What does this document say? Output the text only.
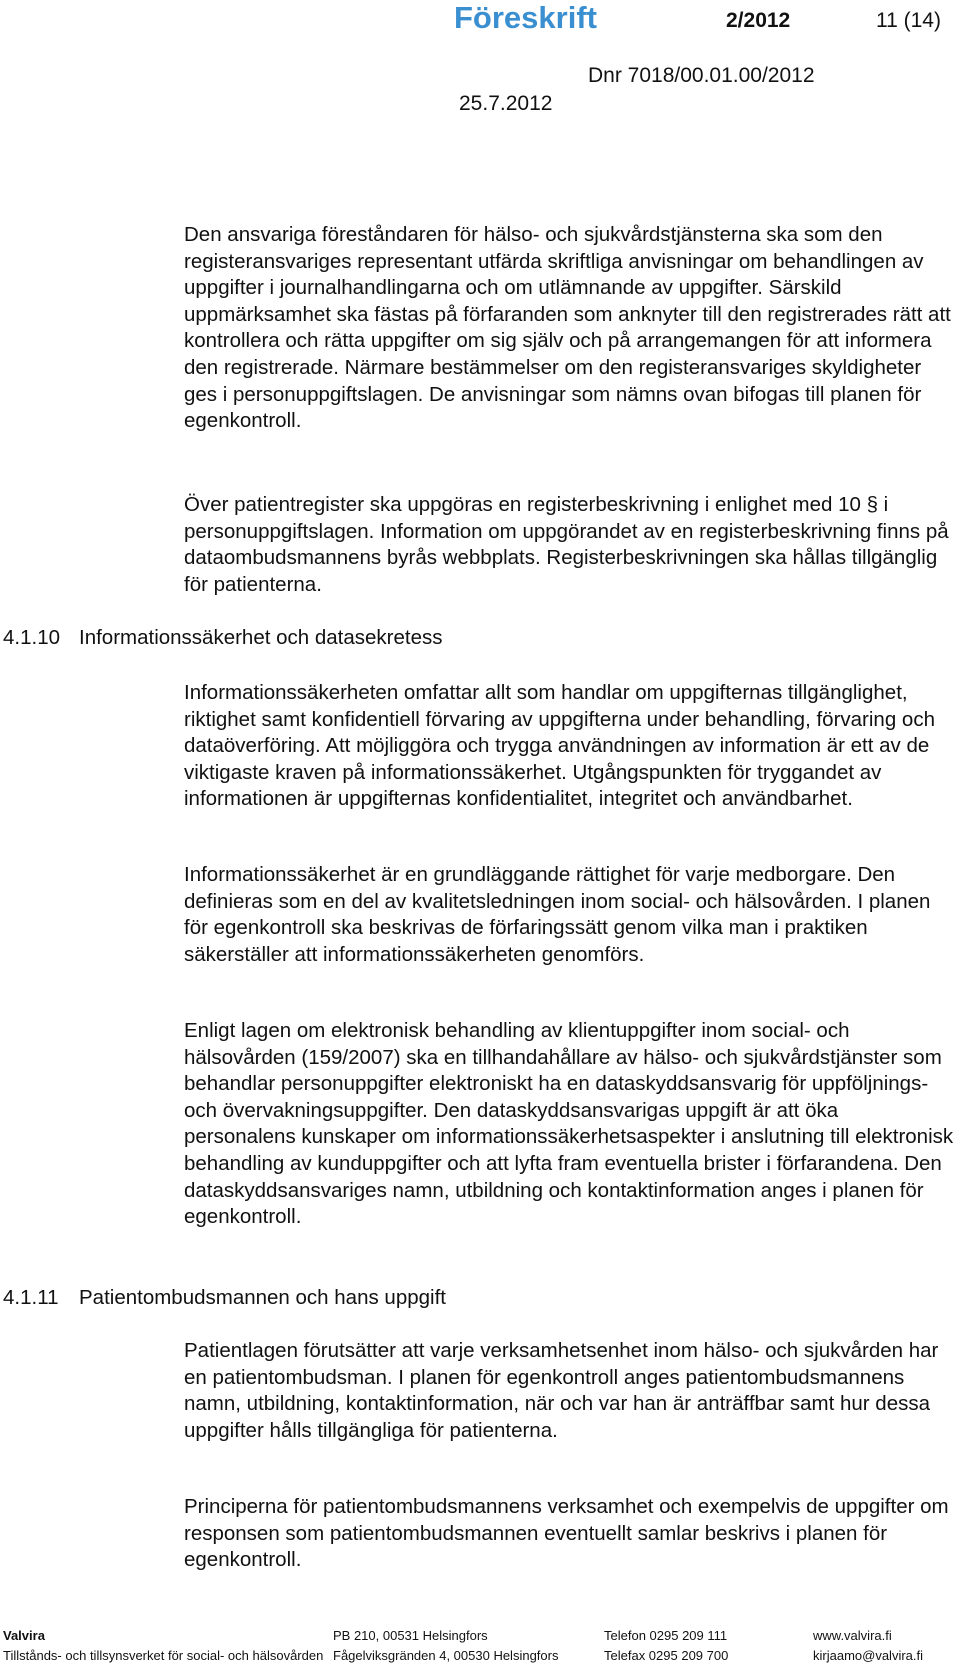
Föreskrift	2/2012	11 (14)
Dnr 7018/00.01.00/2012
25.7.2012

Den ansvariga föreståndaren för hälso- och sjukvårdstjänsterna ska som den registeransvariges representant utfärda skriftliga anvisningar om behandlingen av uppgifter i journalhandlingarna och om utlämnande av uppgifter. Särskild uppmärksamhet ska fästas på förfaranden som anknyter till den registrerades rätt att kontrollera och rätta uppgifter om sig själv och på arrangemangen för att informera den registrerade. Närmare bestämmelser om den registeransvariges skyldigheter ges i personuppgiftslagen. De anvisningar som nämns ovan bifogas till planen för egenkontroll.

Över patientregister ska uppgöras en registerbeskrivning i enlighet med 10 § i personuppgiftslagen. Information om uppgörandet av en registerbeskrivning finns på dataombudsmannens byrås webbplats. Registerbeskrivningen ska hållas tillgänglig för patienterna.

4.1.10 Informationssäkerhet och datasekretess

Informationssäkerheten omfattar allt som handlar om uppgifternas tillgänglighet, riktighet samt konfidentiell förvaring av uppgifterna under behandling, förvaring och dataöverföring. Att möjliggöra och trygga användningen av information är ett av de viktigaste kraven på informationssäkerhet. Utgångspunkten för tryggandet av informationen är uppgifternas konfidentialitet, integritet och användbarhet.

Informationssäkerhet är en grundläggande rättighet för varje medborgare. Den definieras som en del av kvalitetsledningen inom social- och hälsovården. I planen för egenkontroll ska beskrivas de förfaringssätt genom vilka man i praktiken säkerställer att informationssäkerheten genomförs.

Enligt lagen om elektronisk behandling av klientuppgifter inom social- och hälsovården (159/2007) ska en tillhandahållare av hälso- och sjukvårdstjänster som behandlar personuppgifter elektroniskt ha en dataskyddsansvarig för uppföljnings- och övervakningsuppgifter. Den dataskyddsansvarigas uppgift är att öka personalens kunskaper om informationssäkerhetsaspekter i anslutning till elektronisk behandling av kunduppgifter och att lyfta fram eventuella brister i förfarandena. Den dataskyddsansvariges namn, utbildning och kontaktinformation anges i planen för egenkontroll.

4.1.11 Patientombudsmannen och hans uppgift

Patientlagen förutsätter att varje verksamhetsenhet inom hälso- och sjukvården har en patientombudsman. I planen för egenkontroll anges patientombudsmannens namn, utbildning, kontaktinformation, när och var han är anträffbar samt hur dessa uppgifter hålls tillgängliga för patienterna.

Principerna för patientombudsmannens verksamhet och exempelvis de uppgifter om responsen som patientombudsmannen eventuellt samlar beskrivs i planen för egenkontroll.

Valvira	PB 210, 00531 Helsingfors	Telefon 0295 209 111	www.valvira.fi
Tillstånds- och tillsynsverket för social- och hälsovården Fågelviksgränden 4, 00530 Helsingfors	Telefax 0295 209 700	kirjaamo@valvira.fi
